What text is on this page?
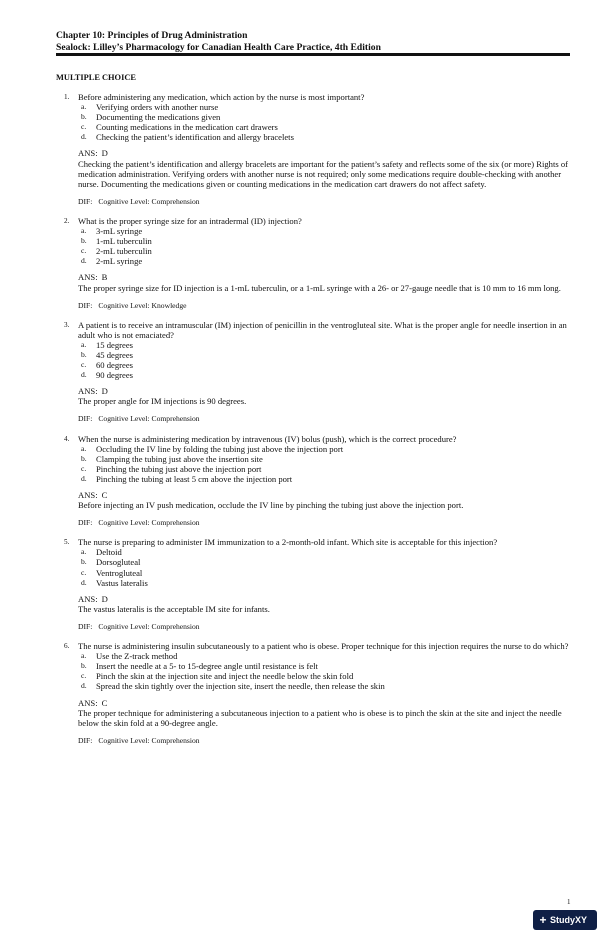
Chapter 10: Principles of Drug Administration
Sealock: Lilley’s Pharmacology for Canadian Health Care Practice, 4th Edition
MULTIPLE CHOICE
1. Before administering any medication, which action by the nurse is most important?
a. Verifying orders with another nurse
b. Documenting the medications given
c. Counting medications in the medication cart drawers
d. Checking the patient’s identification and allergy bracelets
ANS: D
Checking the patient’s identification and allergy bracelets are important for the patient’s safety and reflects some of the six (or more) Rights of medication administration. Verifying orders with another nurse is not required; only some medications require double-checking with another nurse. Documenting the medications given or counting medications in the medication cart drawers do not affect safety.
DIF: Cognitive Level: Comprehension
2. What is the proper syringe size for an intradermal (ID) injection?
a. 3-mL syringe
b. 1-mL tuberculin
c. 2-mL tuberculin
d. 2-mL syringe
ANS: B
The proper syringe size for ID injection is a 1-mL tuberculin, or a 1-mL syringe with a 26- or 27-gauge needle that is 10 mm to 16 mm long.
DIF: Cognitive Level: Knowledge
3. A patient is to receive an intramuscular (IM) injection of penicillin in the ventrogluteal site. What is the proper angle for needle insertion in an adult who is not emaciated?
a. 15 degrees
b. 45 degrees
c. 60 degrees
d. 90 degrees
ANS: D
The proper angle for IM injections is 90 degrees.
DIF: Cognitive Level: Comprehension
4. When the nurse is administering medication by intravenous (IV) bolus (push), which is the correct procedure?
a. Occluding the IV line by folding the tubing just above the injection port
b. Clamping the tubing just above the insertion site
c. Pinching the tubing just above the injection port
d. Pinching the tubing at least 5 cm above the injection port
ANS: C
Before injecting an IV push medication, occlude the IV line by pinching the tubing just above the injection port.
DIF: Cognitive Level: Comprehension
5. The nurse is preparing to administer IM immunization to a 2-month-old infant. Which site is acceptable for this injection?
a. Deltoid
b. Dorsogluteal
c. Ventrogluteal
d. Vastus lateralis
ANS: D
The vastus lateralis is the acceptable IM site for infants.
DIF: Cognitive Level: Comprehension
6. The nurse is administering insulin subcutaneously to a patient who is obese. Proper technique for this injection requires the nurse to do which?
a. Use the Z-track method
b. Insert the needle at a 5- to 15-degree angle until resistance is felt
c. Pinch the skin at the injection site and inject the needle below the skin fold
d. Spread the skin tightly over the injection site, insert the needle, then release the skin
ANS: C
The proper technique for administering a subcutaneous injection to a patient who is obese is to pinch the skin at the site and inject the needle below the skin fold at a 90-degree angle.
DIF: Cognitive Level: Comprehension
1
+ StudyXY
